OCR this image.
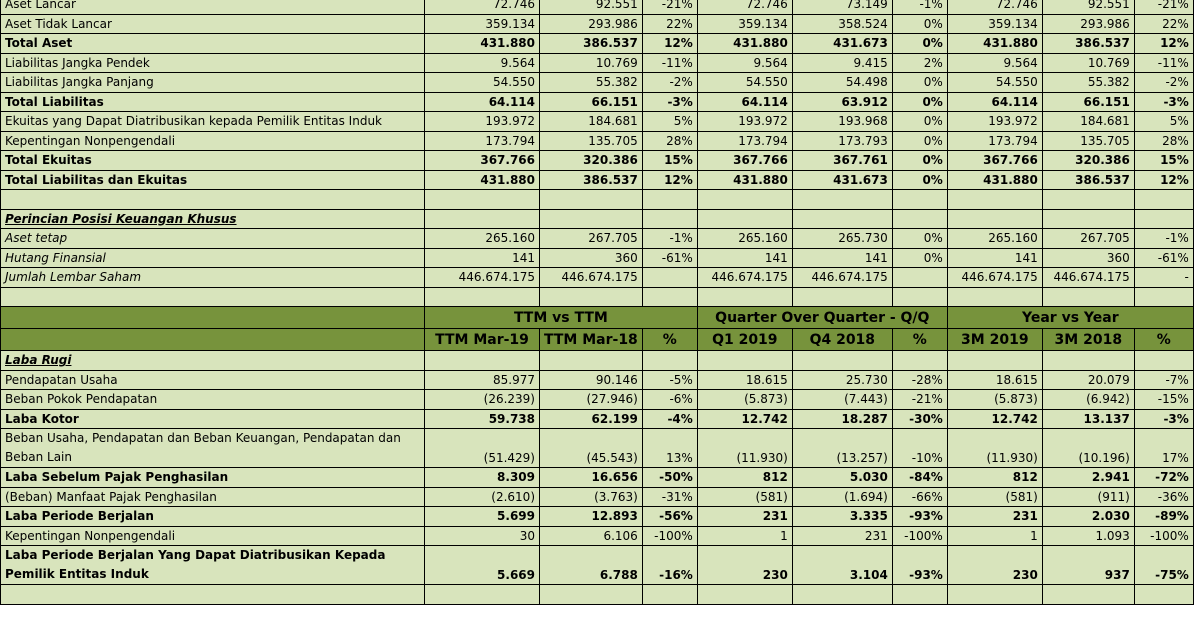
Aset Lancar	72.746	92.551	-21%	72.746	73.149	-1%	72.746	92.551	-21%
Aset Tidak Lancar	359.134	293.986	22%	359.134	358.524	0%	359.134	293.986	22%
Total Aset	431.880	386.537	12%	431.880	431.673	0%	431.880	386.537	12%
Liabilitas Jangka Pendek	9.564	10.769	-11%	9.564	9.415	2%	9.564	10.769	-11%
Liabilitas Jangka Panjang	54.550	55.382	-2%	54.550	54.498	0%	54.550	55.382	-2%
Total Liabilitas	64.114	66.151	-3%	64.114	63.912	0%	64.114	66.151	-3%
Ekuitas yang Dapat Diatribusikan kepada Pemilik Entitas Induk	193.972	184.681	5%	193.972	193.968	0%	193.972	184.681	5%
Kepentingan Nonpengendali	173.794	135.705	28%	173.794	173.793	0%	173.794	135.705	28%
Total Ekuitas	367.766	320.386	15%	367.766	367.761	0%	367.766	320.386	15%
Total Liabilitas dan Ekuitas	431.880	386.537	12%	431.880	431.673	0%	431.880	386.537	12%

Perincian Posisi Keuangan Khusus									
Aset tetap	265.160	267.705	-1%	265.160	265.730	0%	265.160	267.705	-1%
Hutang Finansial	141	360	-61%	141	141	0%	141	360	-61%
Jumlah Lembar Saham	446.674.175	446.674.175		446.674.175	446.674.175		446.674.175	446.674.175	-

	TTM vs TTM			Quarter Over Quarter - Q/Q			Year vs Year		
	TTM Mar-19	TTM Mar-18	%	Q1 2019	Q4 2018	%	3M 2019	3M 2018	%
Laba Rugi									
Pendapatan Usaha	85.977	90.146	-5%	18.615	25.730	-28%	18.615	20.079	-7%
Beban Pokok Pendapatan	(26.239)	(27.946)	-6%	(5.873)	(7.443)	-21%	(5.873)	(6.942)	-15%
Laba Kotor	59.738	62.199	-4%	12.742	18.287	-30%	12.742	13.137	-3%
Beban Usaha, Pendapatan dan Beban Keuangan, Pendapatan dan Beban Lain	(51.429)	(45.543)	13%	(11.930)	(13.257)	-10%	(11.930)	(10.196)	17%
Laba Sebelum Pajak Penghasilan	8.309	16.656	-50%	812	5.030	-84%	812	2.941	-72%
(Beban) Manfaat Pajak Penghasilan	(2.610)	(3.763)	-31%	(581)	(1.694)	-66%	(581)	(911)	-36%
Laba Periode Berjalan	5.699	12.893	-56%	231	3.335	-93%	231	2.030	-89%
Kepentingan Nonpengendali	30	6.106	-100%	1	231	-100%	1	1.093	-100%
Laba Periode Berjalan Yang Dapat Diatribusikan Kepada Pemilik Entitas Induk	5.669	6.788	-16%	230	3.104	-93%	230	937	-75%
